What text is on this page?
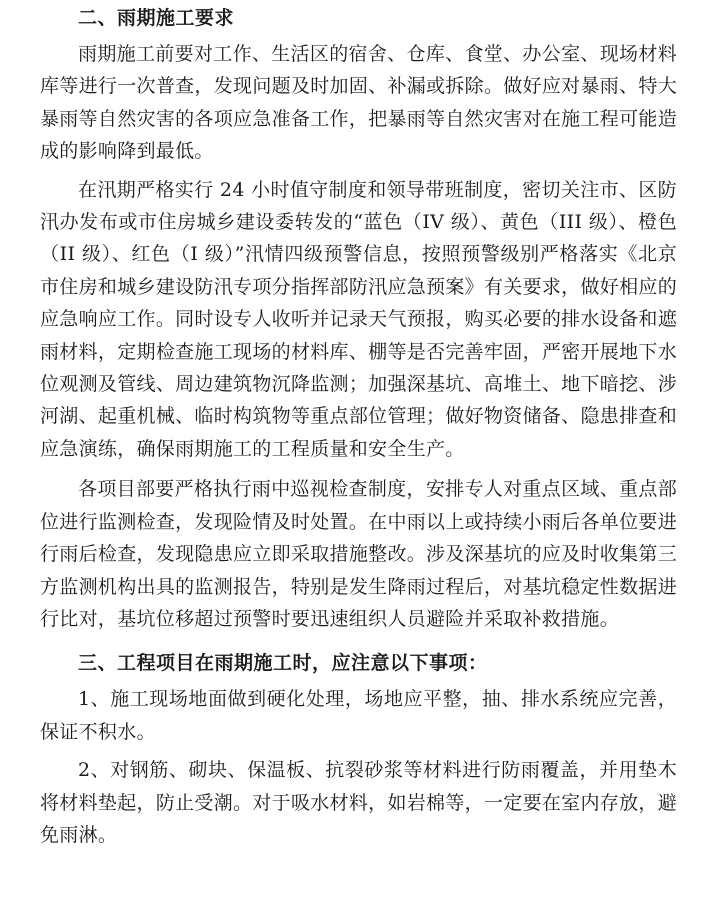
二、雨期施工要求

雨期施工前要对工作、生活区的宿舍、仓库、食堂、办公室、现场材料库等进行一次普查，发现问题及时加固、补漏或拆除。做好应对暴雨、特大暴雨等自然灾害的各项应急准备工作，把暴雨等自然灾害对在施工程可能造成的影响降到最低。

在汛期严格实行 24 小时值守制度和领导带班制度，密切关注市、区防汛办发布或市住房城乡建设委转发的“蓝色（IV 级）、黄色（III 级）、橙色（II 级）、红色（I 级）”汛情四级预警信息，按照预警级别严格落实《北京市住房和城乡建设防汛专项分指挥部防汛应急预案》有关要求，做好相应的应急响应工作。同时设专人收听并记录天气预报，购买必要的排水设备和遮雨材料，定期检查施工现场的材料库、棚等是否完善牢固，严密开展地下水位观测及管线、周边建筑物沉降监测；加强深基坑、高堆土、地下暗挖、涉河湖、起重机械、临时构筑物等重点部位管理；做好物资储备、隐患排查和应急演练，确保雨期施工的工程质量和安全生产。

各项目部要严格执行雨中巡视检查制度，安排专人对重点区域、重点部位进行监测检查，发现险情及时处置。在中雨以上或持续小雨后各单位要进行雨后检查，发现隐患应立即采取措施整改。涉及深基坑的应及时收集第三方监测机构出具的监测报告，特别是发生降雨过程后，对基坑稳定性数据进行比对，基坑位移超过预警时要迅速组织人员避险并采取补救措施。

三、工程项目在雨期施工时，应注意以下事项：

1、施工现场地面做到硬化处理，场地应平整，抽、排水系统应完善，保证不积水。

2、对钢筋、砌块、保温板、抗裂砂浆等材料进行防雨覆盖，并用垫木将材料垫起，防止受潮。对于吸水材料，如岩棉等，一定要在室内存放，避免雨淋。
